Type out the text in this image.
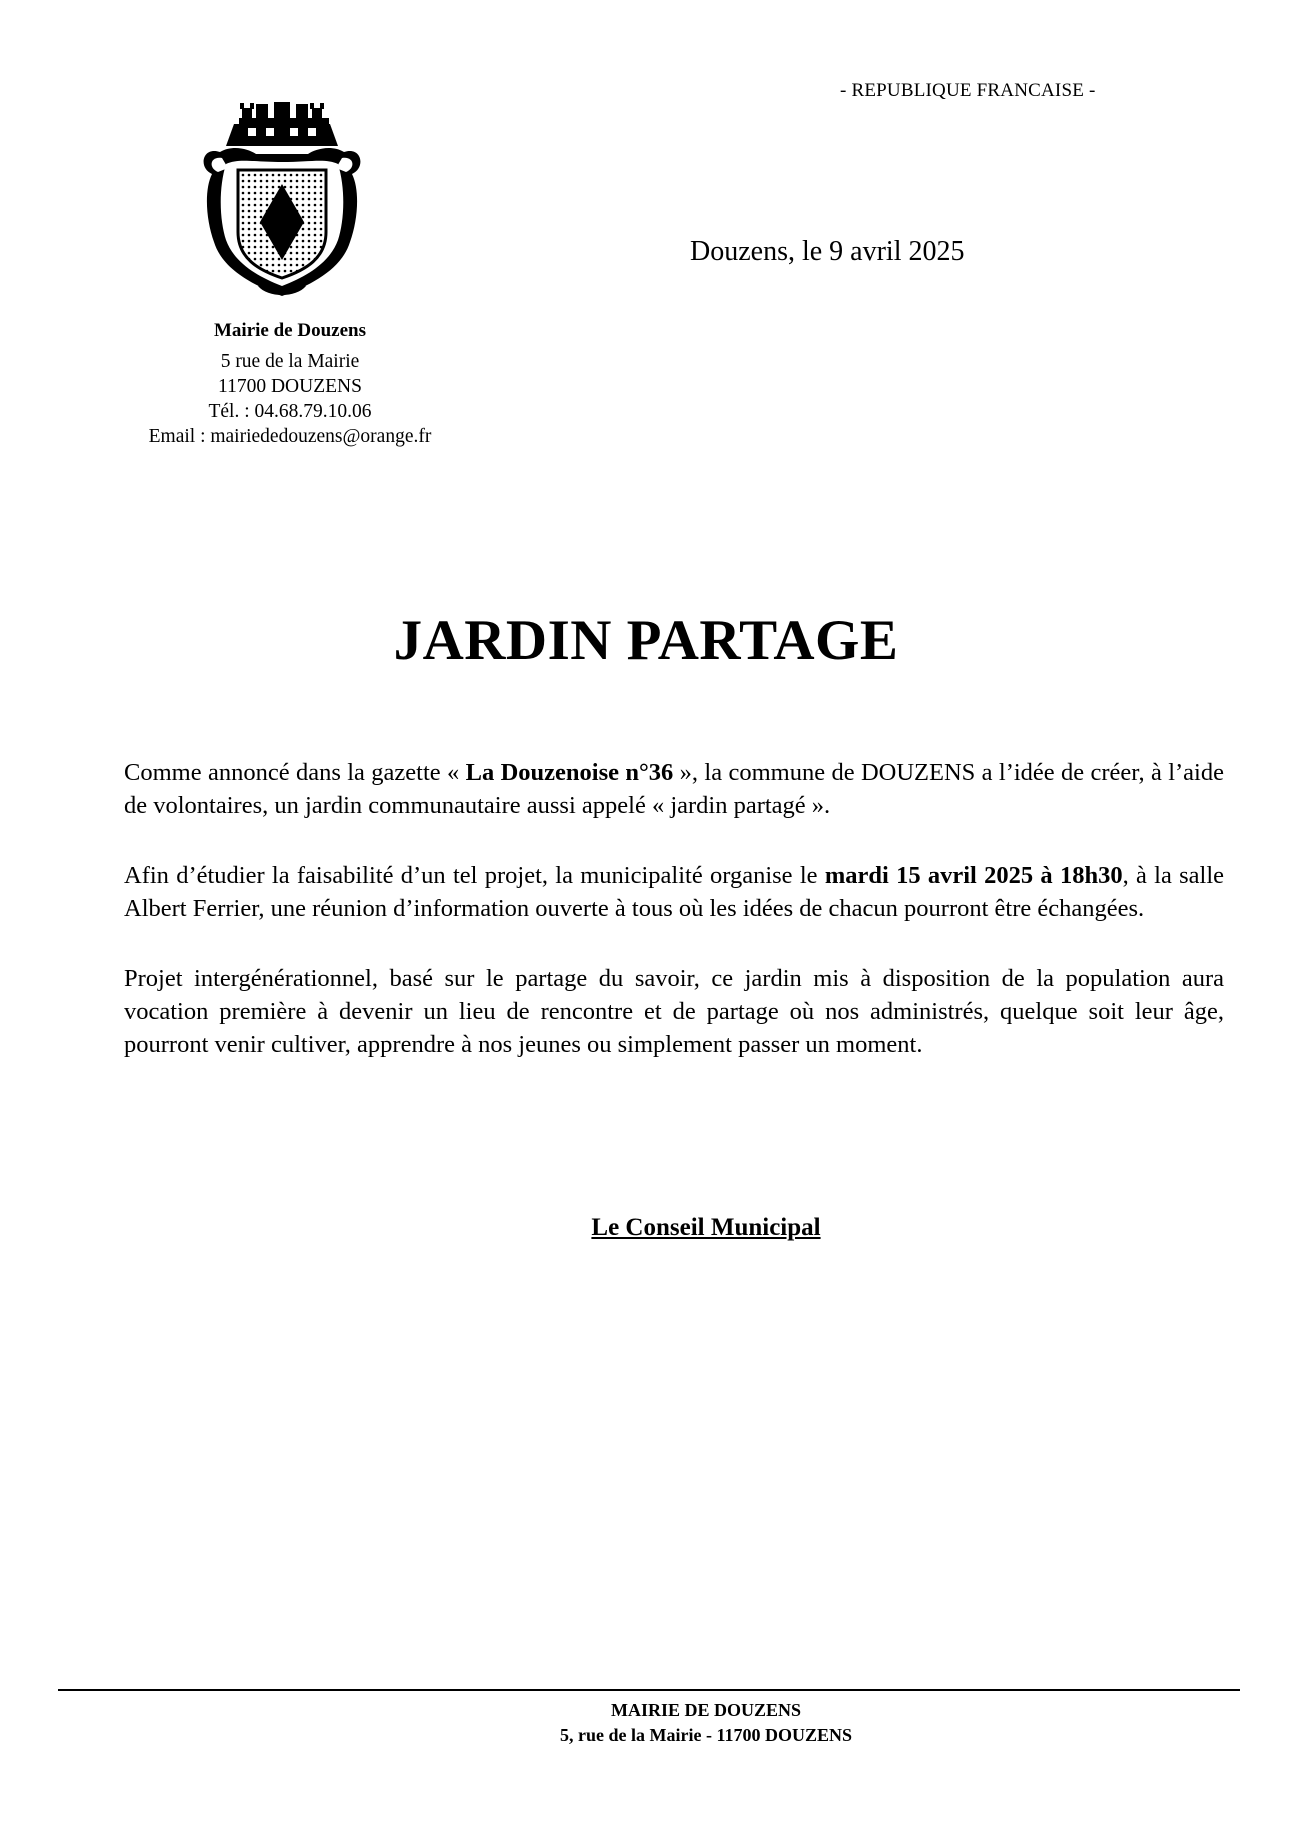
- REPUBLIQUE FRANCAISE -
Mairie de Douzens
5 rue de la Mairie
11700 DOUZENS
Tél. : 04.68.79.10.06
Email : mairiededouzens@orange.fr
Douzens, le 9 avril 2025
JARDIN PARTAGE

Comme annoncé dans la gazette « La Douzenoise n°36 », la commune de DOUZENS a l’idée de créer, à l’aide de volontaires, un jardin communautaire aussi appelé « jardin partagé ».

Afin d’étudier la faisabilité d’un tel projet, la municipalité organise le mardi 15 avril 2025 à 18h30, à la salle Albert Ferrier, une réunion d’information ouverte à tous où les idées de chacun pourront être échangées.

Projet intergénérationnel, basé sur le partage du savoir, ce jardin mis à disposition de la population aura vocation première à devenir un lieu de rencontre et de partage où nos administrés, quelque soit leur âge, pourront venir cultiver, apprendre à nos jeunes ou simplement passer un moment.

Le Conseil Municipal
MAIRIE DE DOUZENS
5, rue de la Mairie - 11700 DOUZENS
